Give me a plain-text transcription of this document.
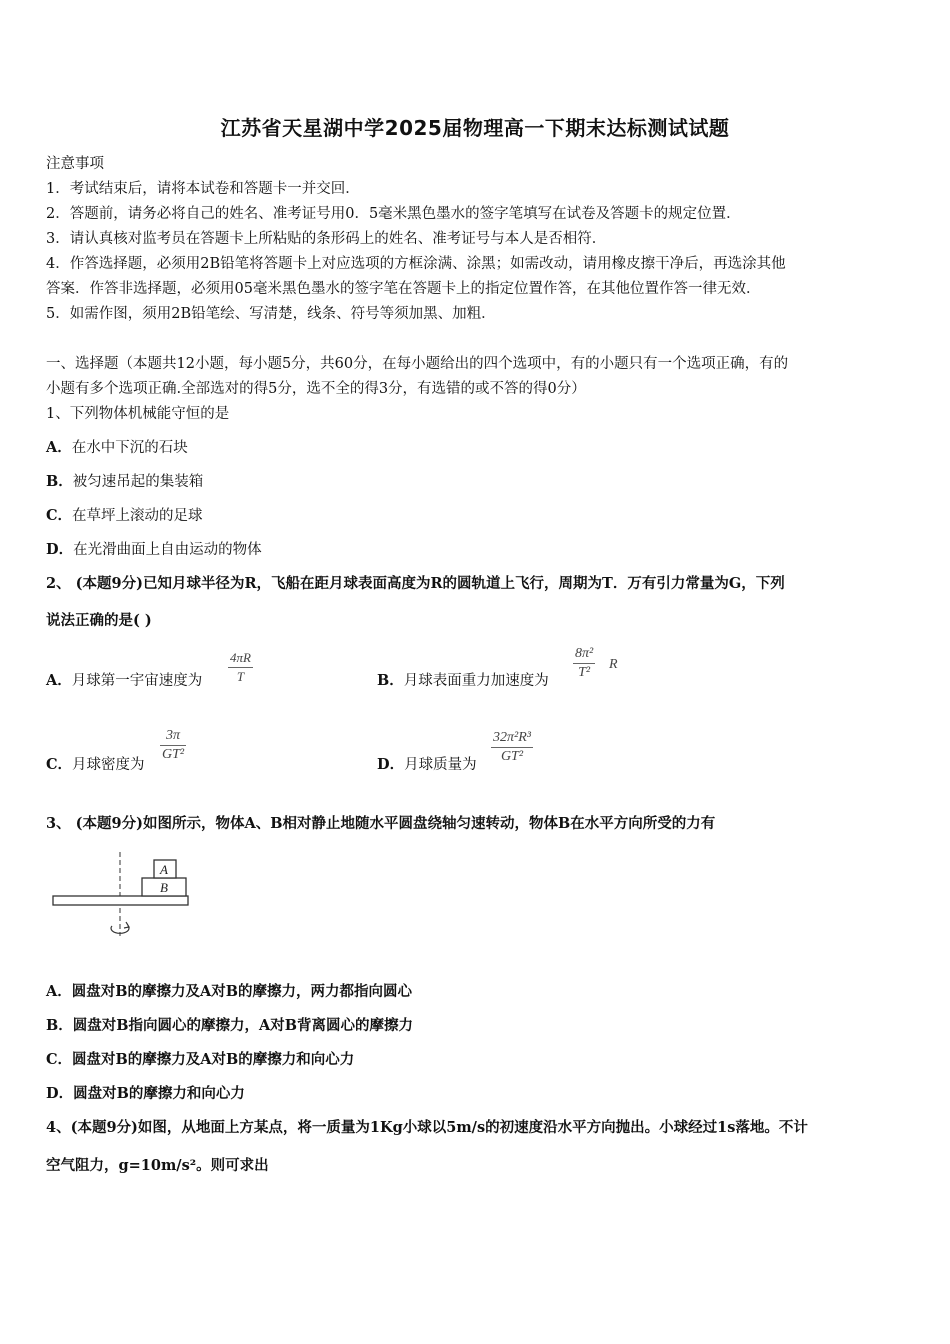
江苏省天星湖中学2025届物理高一下期末达标测试试题
注意事项
1．考试结束后，请将本试卷和答题卡一并交回．
2．答题前，请务必将自己的姓名、准考证号用0．5毫米黑色墨水的签字笔填写在试卷及答题卡的规定位置．
3．请认真核对监考员在答题卡上所粘贴的条形码上的姓名、准考证号与本人是否相符．
4．作答选择题，必须用2B铅笔将答题卡上对应选项的方框涂满、涂黑；如需改动，请用橡皮擦干净后，再选涂其他
答案．作答非选择题，必须用05毫米黑色墨水的签字笔在答题卡上的指定位置作答，在其他位置作答一律无效．
5．如需作图，须用2B铅笔绘、写清楚，线条、符号等须加黑、加粗．
一、选择题（本题共12小题，每小题5分，共60分，在每小题给出的四个选项中，有的小题只有一个选项正确，有的
小题有多个选项正确.全部选对的得5分，选不全的得3分，有选错的或不答的得0分）
1、下列物体机械能守恒的是
A．在水中下沉的石块
B．被匀速吊起的集装箱
C．在草坪上滚动的足球
D．在光滑曲面上自由运动的物体
2、 (本题9分)已知月球半径为R，飞船在距月球表面高度为R的圆轨道上飞行，周期为T．万有引力常量为G，下列
说法正确的是( )
A．月球第一宇宙速度为
4πR
T	B．月球表面重力加速度为
8π²
T²
R
C．月球密度为
3π
GT²
D．月球质量为
32π²R³
GT²
3、 (本题9分)如图所示，物体A、B相对静止地随水平圆盘绕轴匀速转动，物体B在水平方向所受的力有
A
B
A．圆盘对B的摩擦力及A对B的摩擦力，两力都指向圆心
B．圆盘对B指向圆心的摩擦力，A对B背离圆心的摩擦力
C．圆盘对B的摩擦力及A对B的摩擦力和向心力
D．圆盘对B的摩擦力和向心力
4、(本题9分)如图，从地面上方某点，将一质量为1Kg小球以5m/s的初速度沿水平方向抛出。小球经过1s落地。不计
空气阻力，g=10m/s²。则可求出
